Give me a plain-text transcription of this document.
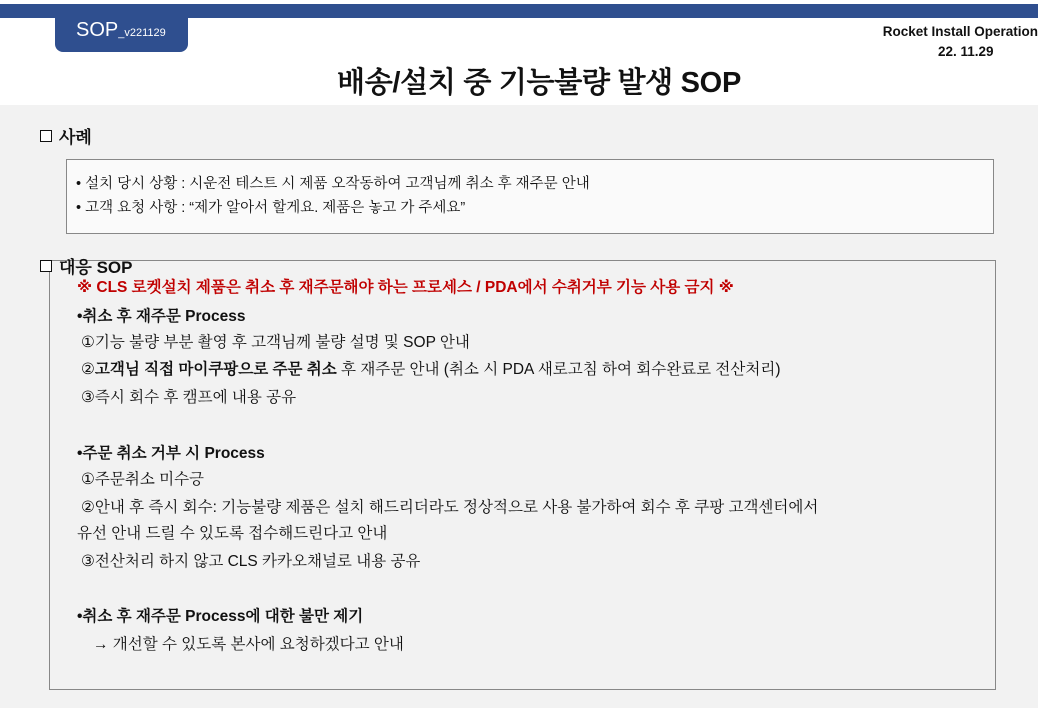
SOP_v221129	Rocket Install Operation
22. 11.29
배송/설치 중 기능불량 발생 SOP
사례
• 설치 당시 상황 : 시운전 테스트 시 제품 오작동하여 고객님께 취소 후 재주문 안내
• 고객 요청 사항 : “제가 알아서 할게요. 제품은 놓고 가 주세요”
대응 SOP
※ CLS 로켓설치 제품은 취소 후 재주문해야 하는 프로세스 / PDA에서 수취거부 기능 사용 금지 ※
•취소 후 재주문 Process
①기능 불량 부분 촬영 후 고객님께 불량 설명 및 SOP 안내
②고객님 직접 마이쿠팡으로 주문 취소 후 재주문 안내 (취소 시 PDA 새로고침 하여 회수완료로 전산처리)
③즉시 회수 후 캠프에 내용 공유
•주문 취소 거부 시 Process
①주문취소 미수긍
②안내 후 즉시 회수: 기능불량 제품은 설치 해드리더라도 정상적으로 사용 불가하여 회수 후 쿠팡 고객센터에서
유선 안내 드릴 수 있도록 접수해드린다고 안내
③전산처리 하지 않고 CLS 카카오채널로 내용 공유
•취소 후 재주문 Process에 대한 불만 제기
→ 개선할 수 있도록 본사에 요청하겠다고 안내
